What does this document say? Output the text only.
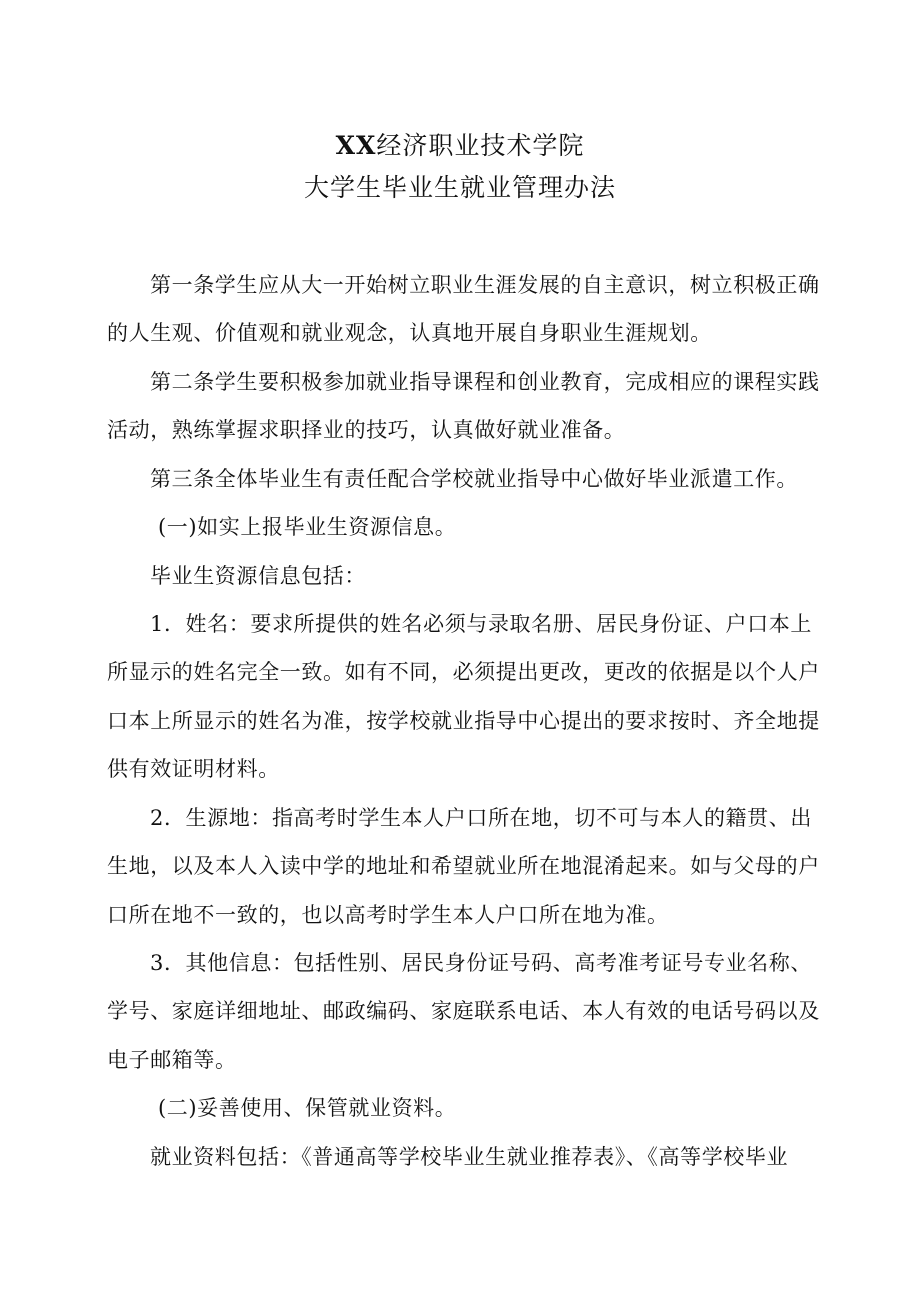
XX经济职业技术学院
大学生毕业生就业管理办法
第一条学生应从大一开始树立职业生涯发展的自主意识，树立积极正确
的人生观、价值观和就业观念，认真地开展自身职业生涯规划。
第二条学生要积极参加就业指导课程和创业教育，完成相应的课程实践
活动，熟练掌握求职择业的技巧，认真做好就业准备。
第三条全体毕业生有责任配合学校就业指导中心做好毕业派遣工作。
(一)如实上报毕业生资源信息。
毕业生资源信息包括：
1．姓名：要求所提供的姓名必须与录取名册、居民身份证、户口本上
所显示的姓名完全一致。如有不同，必须提出更改，更改的依据是以个人户
口本上所显示的姓名为准，按学校就业指导中心提出的要求按时、齐全地提
供有效证明材料。
2．生源地：指高考时学生本人户口所在地，切不可与本人的籍贯、出
生地，以及本人入读中学的地址和希望就业所在地混淆起来。如与父母的户
口所在地不一致的，也以高考时学生本人户口所在地为准。
3．其他信息：包括性别、居民身份证号码、高考准考证号专业名称、
学号、家庭详细地址、邮政编码、家庭联系电话、本人有效的电话号码以及
电子邮箱等。
(二)妥善使用、保管就业资料。
就业资料包括：《普通高等学校毕业生就业推荐表》、《高等学校毕业
